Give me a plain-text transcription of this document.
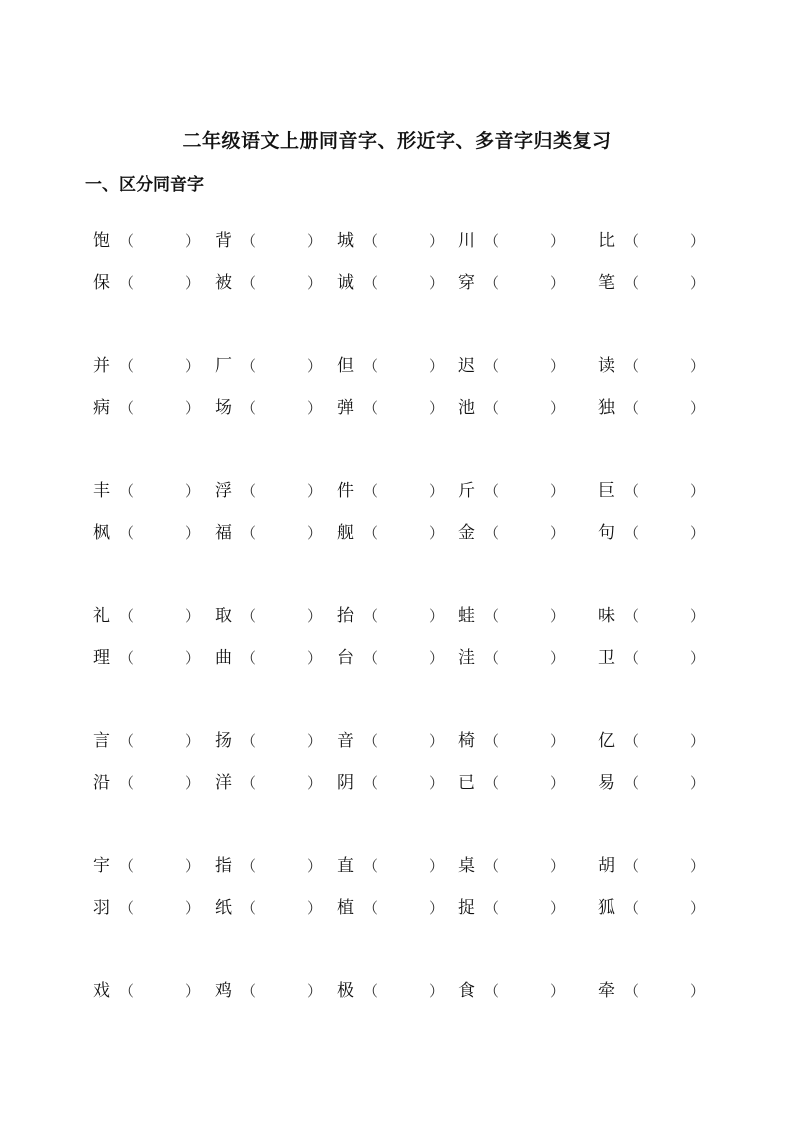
二年级语文上册同音字、形近字、多音字归类复习
一、区分同音字
饱 （	） 背 （	） 城 （	） 川 （	） 比 （	）
保 （	） 被 （	） 诚 （	） 穿 （	） 笔 （	）
并 （	） 厂 （	） 但 （	） 迟 （	） 读 （	）
病 （	） 场 （	） 弹 （	） 池 （	） 独 （	）
丰 （	） 浮 （	） 件 （	） 斤 （	） 巨 （	）
枫 （	） 福 （	） 舰 （	） 金 （	） 句 （	）
礼 （	） 取 （	） 抬 （	） 蛙 （	） 味 （	）
理 （	） 曲 （	） 台 （	） 洼 （	） 卫 （	）
言 （	） 扬 （	） 音 （	） 椅 （	） 亿 （	）
沿 （	） 洋 （	） 阴 （	） 已 （	） 易 （	）
宇 （	） 指 （	） 直 （	） 桌 （	） 胡 （	）
羽 （	） 纸 （	） 植 （	） 捉 （	） 狐 （	）
戏 （	） 鸡 （	） 极 （	） 食 （	） 牵 （	）
